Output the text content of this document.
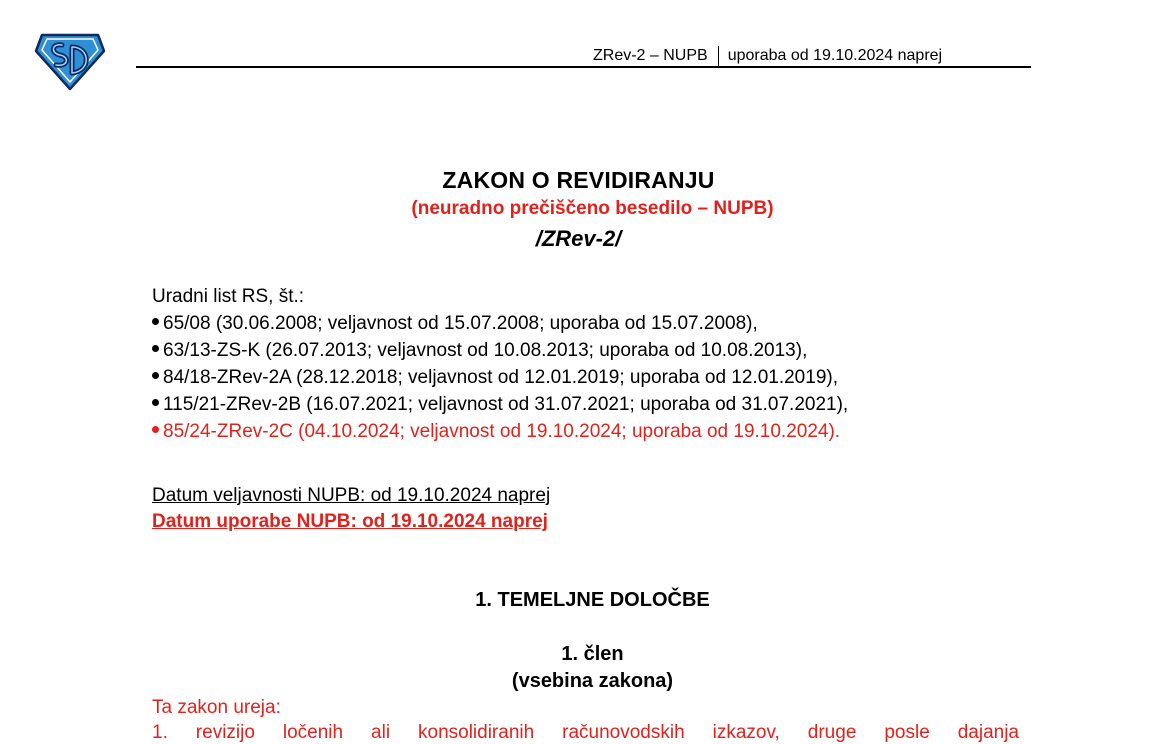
ZRev-2 – NUPB uporaba od 19.10.2024 naprej
ZAKON O REVIDIRANJU
(neuradno prečiščeno besedilo – NUPB)
/ZRev-2/
Uradni list RS, št.:
65/08 (30.06.2008; veljavnost od 15.07.2008; uporaba od 15.07.2008),
63/13-ZS-K (26.07.2013; veljavnost od 10.08.2013; uporaba od 10.08.2013),
84/18-ZRev-2A (28.12.2018; veljavnost od 12.01.2019; uporaba od 12.01.2019),
115/21-ZRev-2B (16.07.2021; veljavnost od 31.07.2021; uporaba od 31.07.2021),
85/24-ZRev-2C (04.10.2024; veljavnost od 19.10.2024; uporaba od 19.10.2024).
Datum veljavnosti NUPB: od 19.10.2024 naprej
Datum uporabe NUPB: od 19.10.2024 naprej
1. TEMELJNE DOLOČBE
1. člen
(vsebina zakona)
Ta zakon ureja:
1. revizijo ločenih ali konsolidiranih računovodskih izkazov, druge posle dajanja
